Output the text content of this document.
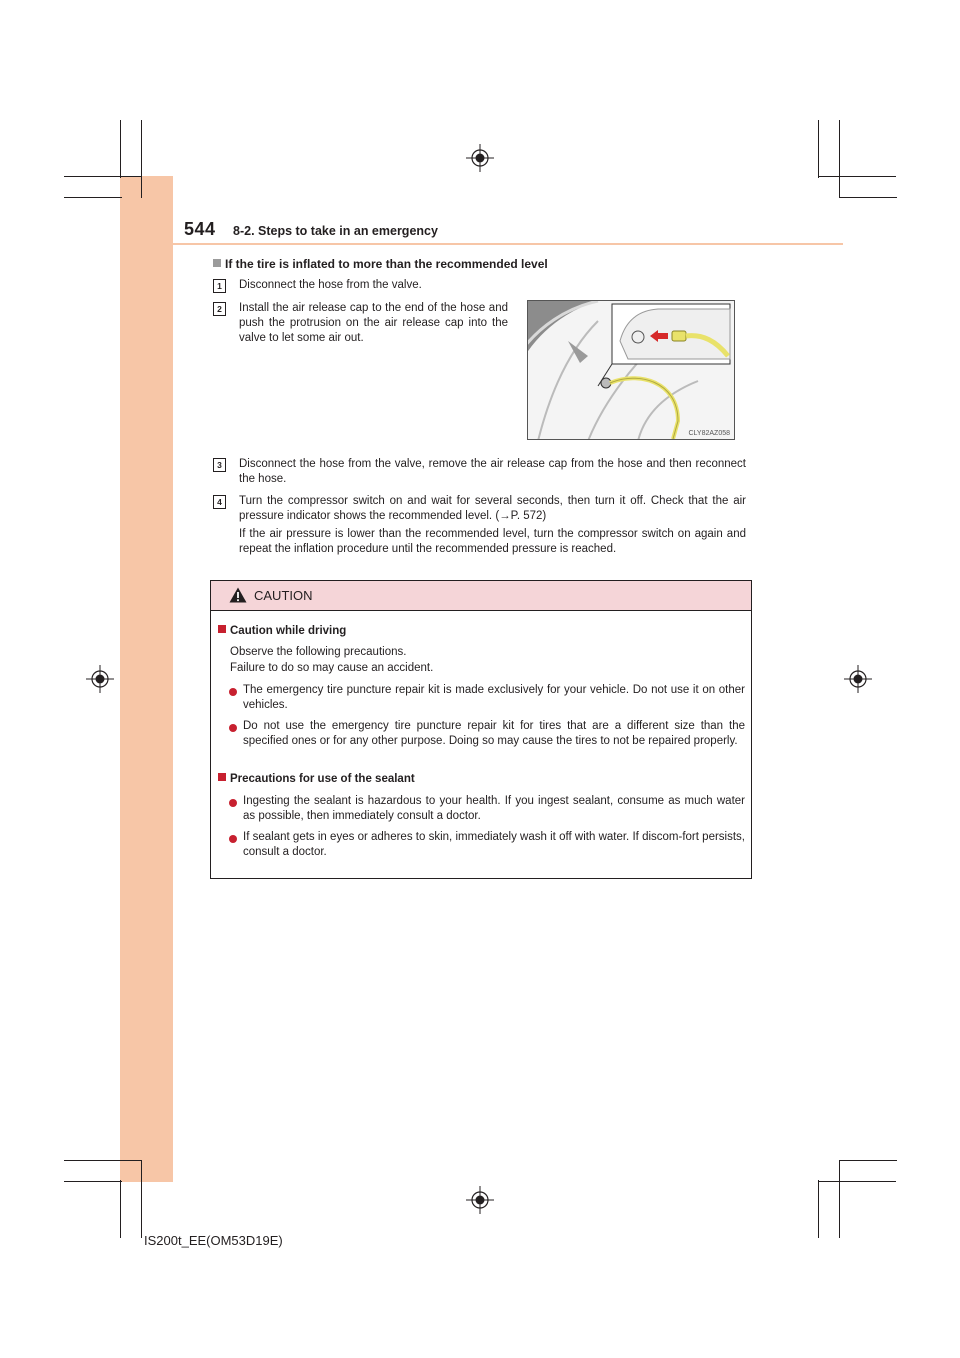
544 8-2. Steps to take in an emergency
If the tire is inflated to more than the recommended level
1	Disconnect the hose from the valve.
2	Install the air release cap to the end of the hose and push the protrusion on the air release cap into the valve to let some air out.
CLY82AZ058
3	Disconnect the hose from the valve, remove the air release cap from the hose and then reconnect the hose.
4	Turn the compressor switch on and wait for several seconds, then turn it off. Check that the air pressure indicator shows the recommended level. (→P. 572)
If the air pressure is lower than the recommended level, turn the compressor switch on again and repeat the inflation procedure until the recommended pressure is reached.
CAUTION
Caution while driving
Observe the following precautions.
Failure to do so may cause an accident.
The emergency tire puncture repair kit is made exclusively for your vehicle. Do not use it on other vehicles.
Do not use the emergency tire puncture repair kit for tires that are a different size than the specified ones or for any other purpose. Doing so may cause the tires to not be repaired properly.
Precautions for use of the sealant
Ingesting the sealant is hazardous to your health. If you ingest sealant, consume as much water as possible, then immediately consult a doctor.
If sealant gets in eyes or adheres to skin, immediately wash it off with water. If discom-fort persists, consult a doctor.
IS200t_EE(OM53D19E)
